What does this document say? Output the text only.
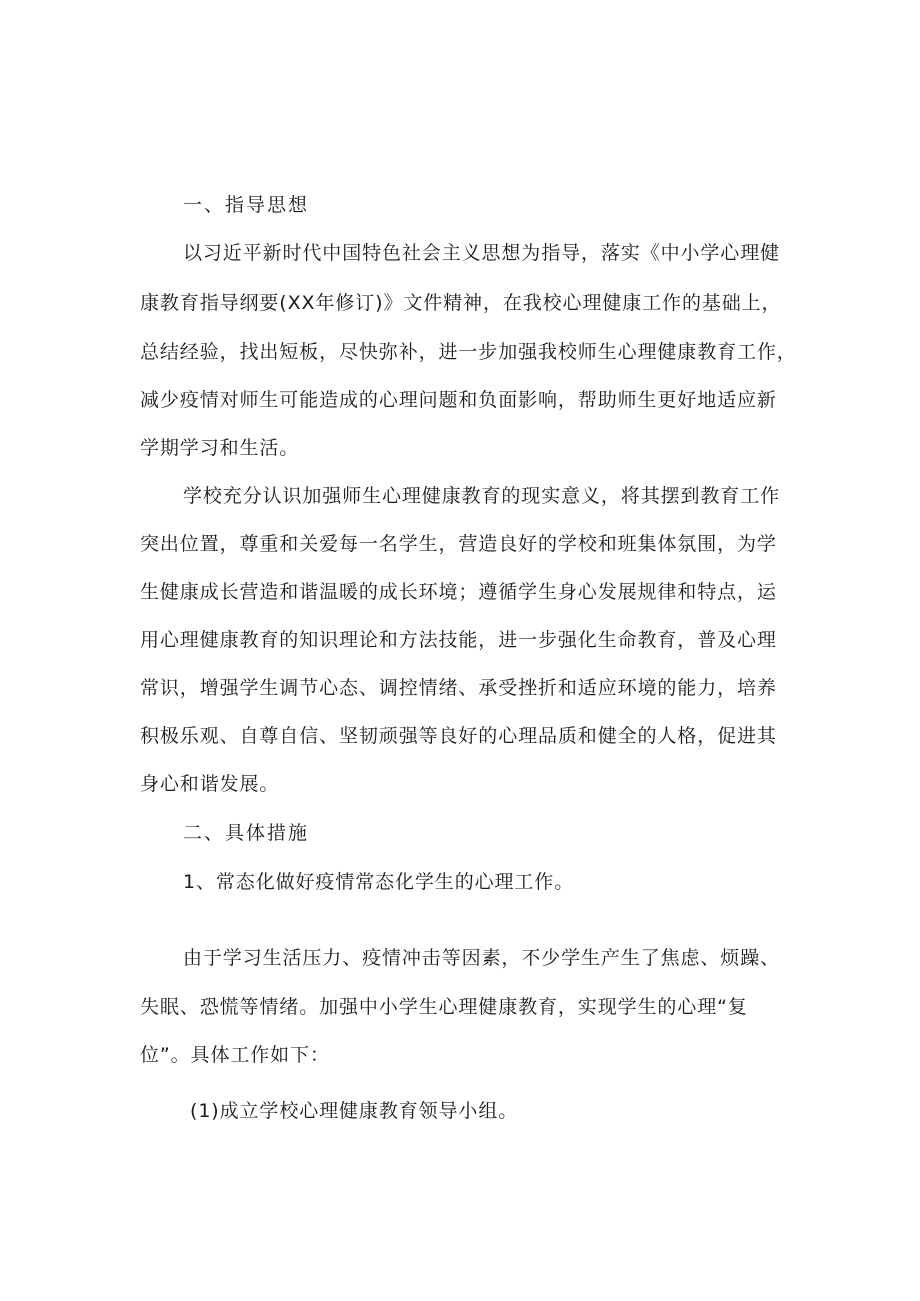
一、指导思想
以习近平新时代中国特色社会主义思想为指导，落实《中小学心理健
康教育指导纲要(XX年修订)》文件精神，在我校心理健康工作的基础上，
总结经验，找出短板，尽快弥补，进一步加强我校师生心理健康教育工作，
减少疫情对师生可能造成的心理问题和负面影响，帮助师生更好地适应新
学期学习和生活。
学校充分认识加强师生心理健康教育的现实意义，将其摆到教育工作
突出位置，尊重和关爱每一名学生，营造良好的学校和班集体氛围，为学
生健康成长营造和谐温暖的成长环境；遵循学生身心发展规律和特点，运
用心理健康教育的知识理论和方法技能，进一步强化生命教育，普及心理
常识，增强学生调节心态、调控情绪、承受挫折和适应环境的能力，培养
积极乐观、自尊自信、坚韧顽强等良好的心理品质和健全的人格，促进其
身心和谐发展。
二、具体措施
1、常态化做好疫情常态化学生的心理工作。
由于学习生活压力、疫情冲击等因素，不少学生产生了焦虑、烦躁、
失眠、恐慌等情绪。加强中小学生心理健康教育，实现学生的心理“复
位”。具体工作如下：
(1)成立学校心理健康教育领导小组。
